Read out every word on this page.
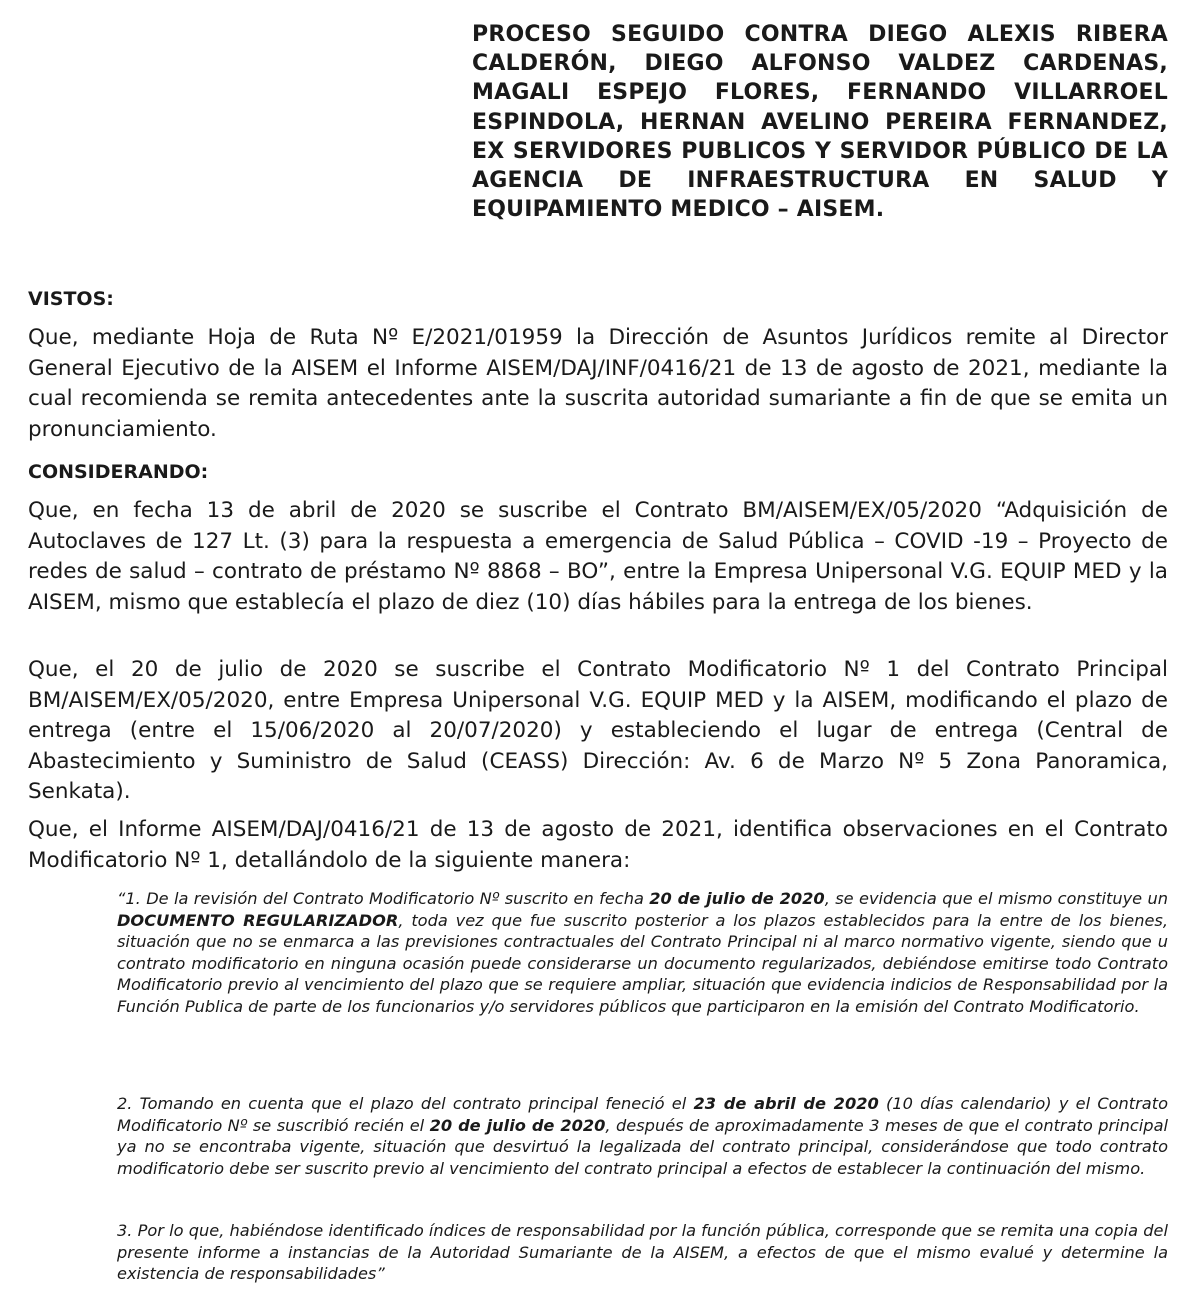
PROCESO SEGUIDO CONTRA DIEGO ALEXIS RIBERA CALDERÓN, DIEGO ALFONSO VALDEZ CARDENAS, MAGALI ESPEJO FLORES, FERNANDO VILLARROEL ESPINDOLA, HERNAN AVELINO PEREIRA FERNANDEZ, EX SERVIDORES PUBLICOS Y SERVIDOR PÚBLICO DE LA AGENCIA DE INFRAESTRUCTURA EN SALUD Y EQUIPAMIENTO MEDICO – AISEM.
VISTOS:
Que, mediante Hoja de Ruta Nº E/2021/01959 la Dirección de Asuntos Jurídicos remite al Director General Ejecutivo de la AISEM el Informe AISEM/DAJ/INF/0416/21 de 13 de agosto de 2021, mediante la cual recomienda se remita antecedentes ante la suscrita autoridad sumariante a fin de que se emita un pronunciamiento.
CONSIDERANDO:
Que, en fecha 13 de abril de 2020 se suscribe el Contrato BM/AISEM/EX/05/2020 “Adquisición de Autoclaves de 127 Lt. (3) para la respuesta a emergencia de Salud Pública – COVID -19 – Proyecto de redes de salud – contrato de préstamo Nº 8868 – BO”, entre la Empresa Unipersonal V.G. EQUIP MED y la AISEM, mismo que establecía el plazo de diez (10) días hábiles para la entrega de los bienes.
Que, el 20 de julio de 2020 se suscribe el Contrato Modificatorio Nº 1 del Contrato Principal BM/AISEM/EX/05/2020, entre Empresa Unipersonal V.G. EQUIP MED y la AISEM, modificando el plazo de entrega (entre el 15/06/2020 al 20/07/2020) y estableciendo el lugar de entrega (Central de Abastecimiento y Suministro de Salud (CEASS) Dirección: Av. 6 de Marzo Nº 5 Zona Panoramica, Senkata).
Que, el Informe AISEM/DAJ/0416/21 de 13 de agosto de 2021, identifica observaciones en el Contrato Modificatorio Nº 1, detallándolo de la siguiente manera:
“1. De la revisión del Contrato Modificatorio Nº suscrito en fecha 20 de julio de 2020, se evidencia que el mismo constituye un DOCUMENTO REGULARIZADOR, toda vez que fue suscrito posterior a los plazos establecidos para la entre de los bienes, situación que no se enmarca a las previsiones contractuales del Contrato Principal ni al marco normativo vigente, siendo que u contrato modificatorio en ninguna ocasión puede considerarse un documento regularizados, debiéndose emitirse todo Contrato Modificatorio previo al vencimiento del plazo que se requiere ampliar, situación que evidencia indicios de Responsabilidad por la Función Publica de parte de los funcionarios y/o servidores públicos que participaron en la emisión del Contrato Modificatorio.
2. Tomando en cuenta que el plazo del contrato principal feneció el 23 de abril de 2020 (10 días calendario) y el Contrato Modificatorio Nº se suscribió recién el 20 de julio de 2020, después de aproximadamente 3 meses de que el contrato principal ya no se encontraba vigente, situación que desvirtuó la legalizada del contrato principal, considerándose que todo contrato modificatorio debe ser suscrito previo al vencimiento del contrato principal a efectos de establecer la continuación del mismo.
3. Por lo que, habiéndose identificado índices de responsabilidad por la función pública, corresponde que se remita una copia del presente informe a instancias de la Autoridad Sumariante de la AISEM, a efectos de que el mismo evalué y determine la existencia de responsabilidades”
